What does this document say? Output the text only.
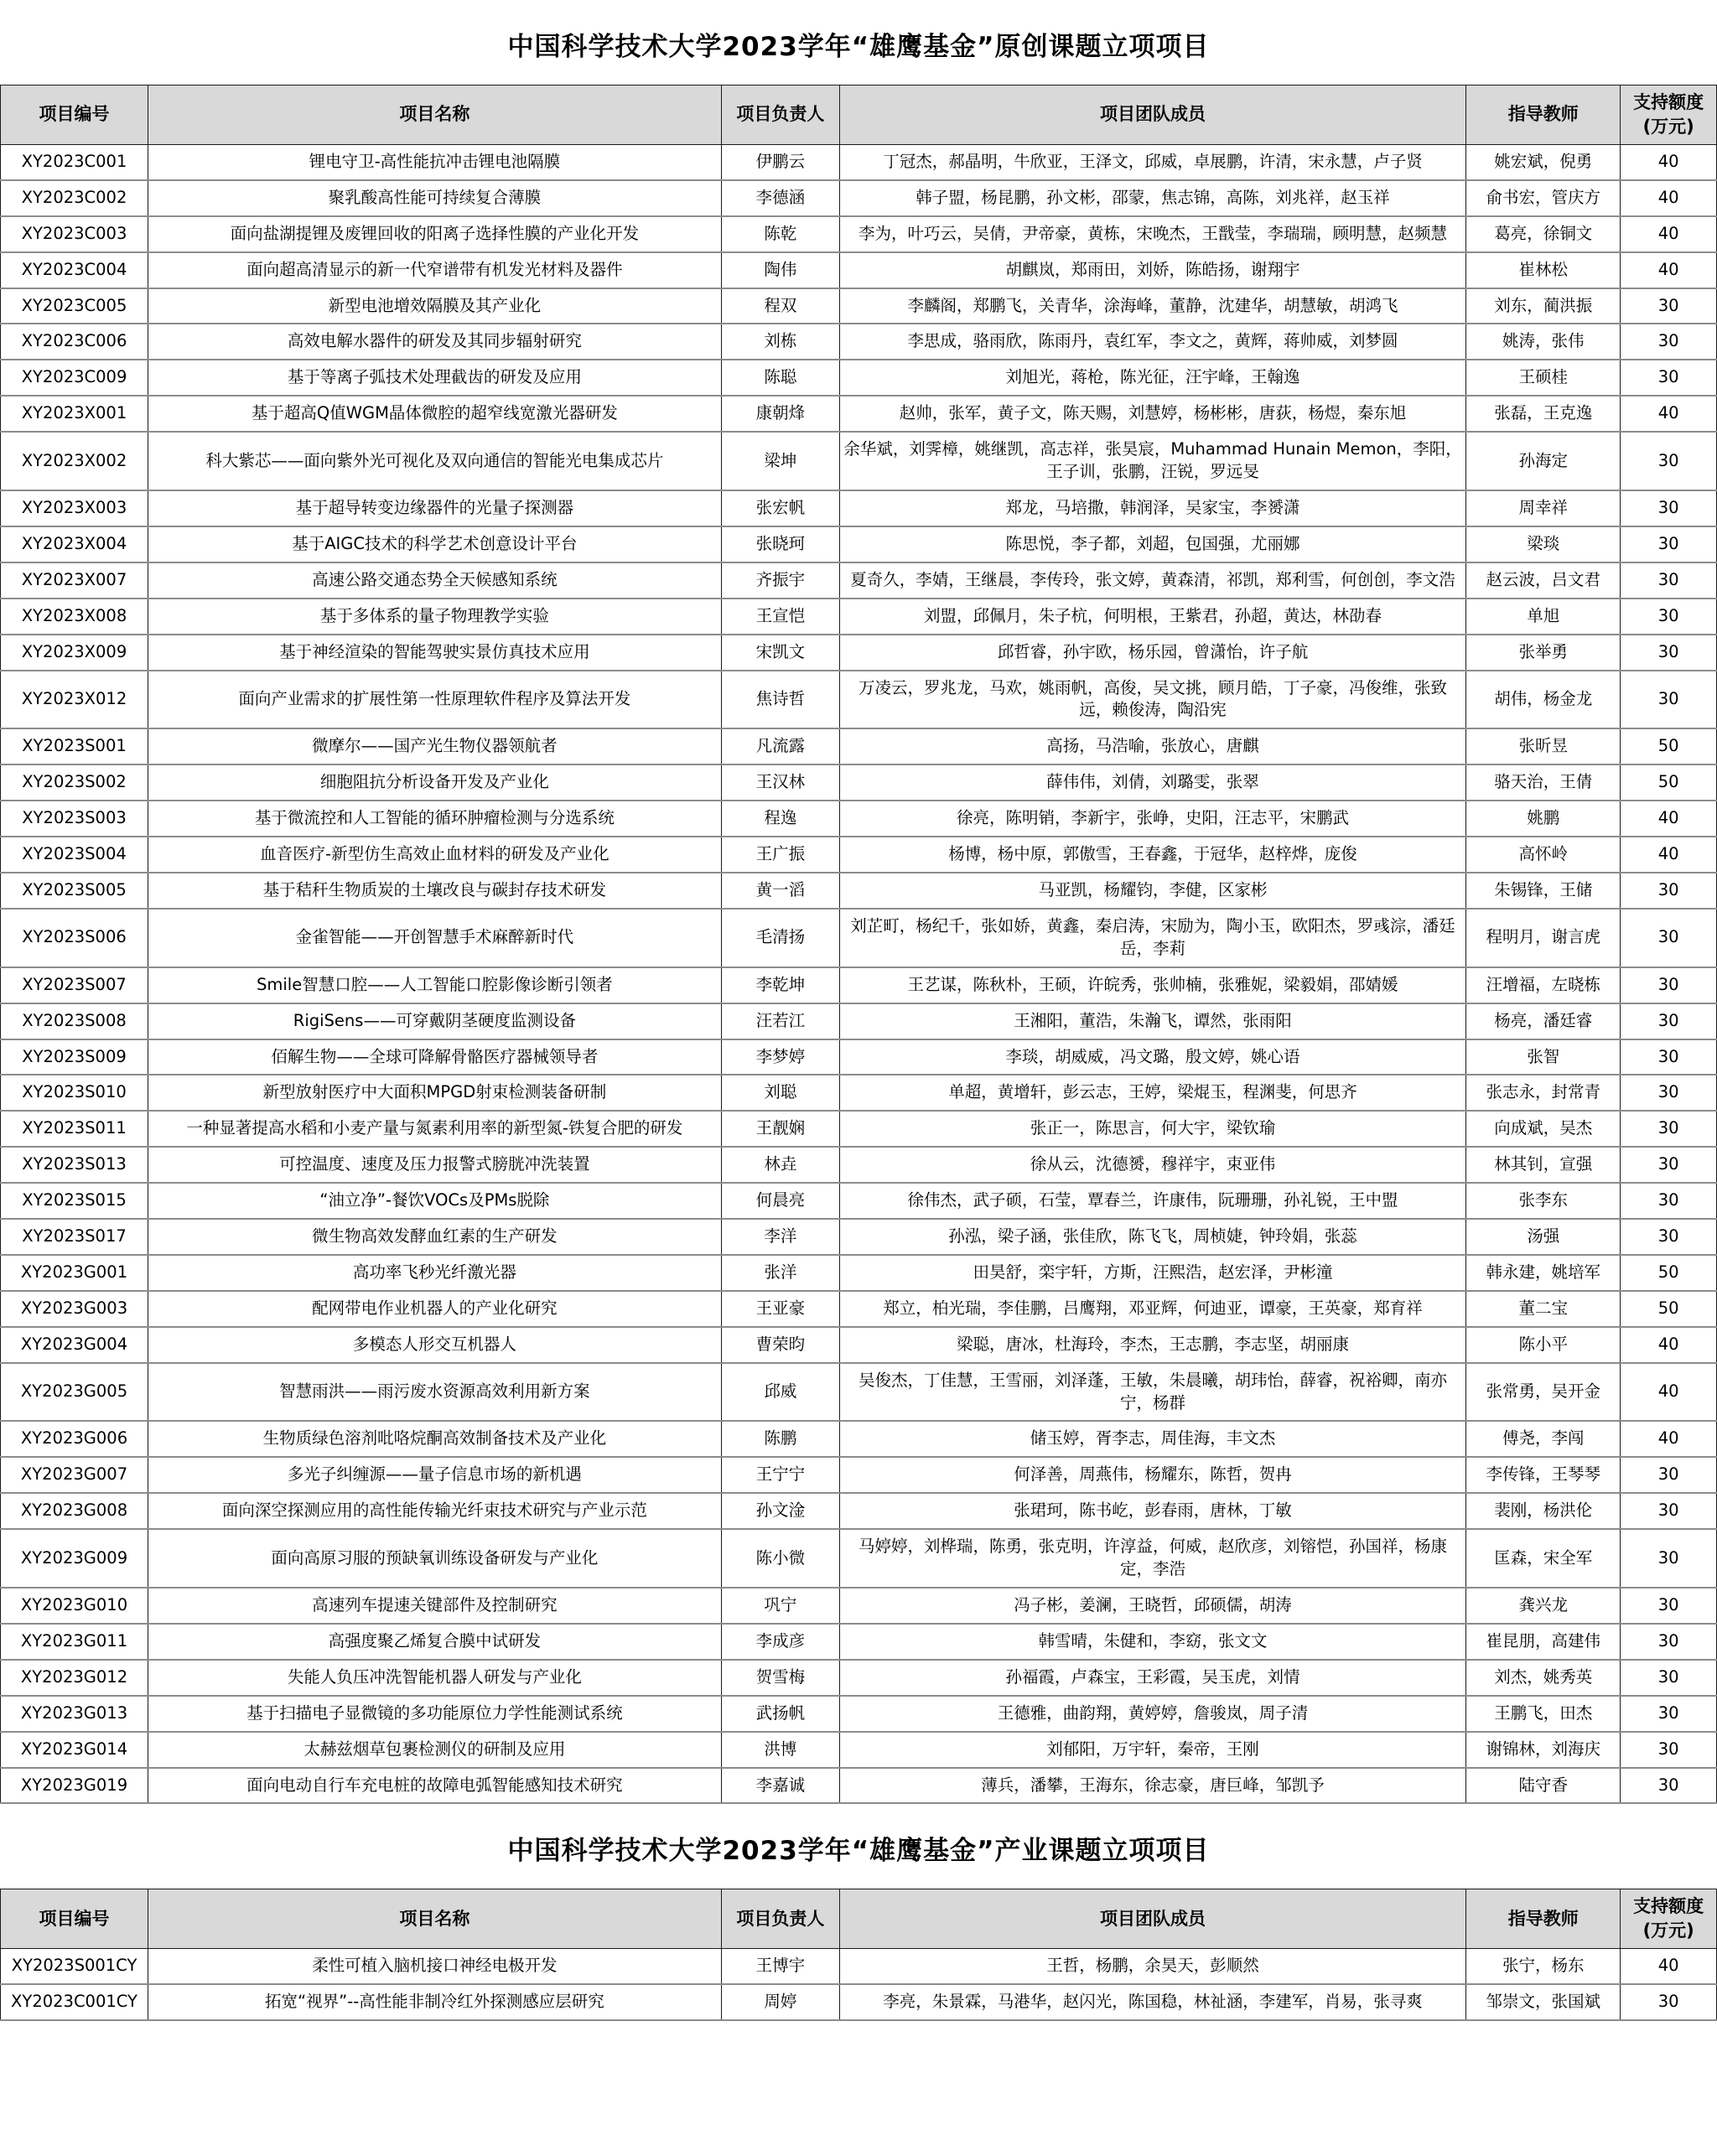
中国科学技术大学2023学年“雄鹰基金”原创课题立项项目
项目编号	项目名称	项目负责人	项目团队成员	指导教师	支持额度(万元)
XY2023C001	锂电守卫-高性能抗冲击锂电池隔膜	伊鹏云	丁冠杰，郝晶明，牛欣亚，王泽文，邱威，卓展鹏，许清，宋永慧，卢子贤	姚宏斌，倪勇	40
XY2023C002	聚乳酸高性能可持续复合薄膜	李德涵	韩子盟，杨昆鹏，孙文彬，邵蒙，焦志锦，高陈，刘兆祥，赵玉祥	俞书宏，管庆方	40
XY2023C003	面向盐湖提锂及废锂回收的阳离子选择性膜的产业化开发	陈乾	李为，叶巧云，吴倩，尹帝豪，黄栋，宋晚杰，王戬莹，李瑞瑞，顾明慧，赵频慧	葛亮，徐铜文	40
XY2023C004	面向超高清显示的新一代窄谱带有机发光材料及器件	陶伟	胡麒岚，郑雨田，刘娇，陈皓扬，谢翔宇	崔林松	40
XY2023C005	新型电池增效隔膜及其产业化	程双	李麟阁，郑鹏飞，关青华，涂海峰，董静，沈建华，胡慧敏，胡鸿飞	刘东，蔺洪振	30
XY2023C006	高效电解水器件的研发及其同步辐射研究	刘栋	李思成，骆雨欣，陈雨丹，袁红军，李文之，黄辉，蒋帅威，刘梦圆	姚涛，张伟	30
XY2023C009	基于等离子弧技术处理截齿的研发及应用	陈聪	刘旭光，蒋枪，陈光征，汪宇峰，王翰逸	王硕桂	30
XY2023X001	基于超高Q值WGM晶体微腔的超窄线宽激光器研发	康朝烽	赵帅，张军，黄子文，陈天赐，刘慧婷，杨彬彬，唐荻，杨煜，秦东旭	张磊，王克逸	40
XY2023X002	科大紫芯——面向紫外光可视化及双向通信的智能光电集成芯片	梁坤	余华斌，刘霁樟，姚继凯，高志祥，张昊宸，Muhammad Hunain Memon，李阳，王子训，张鹏，汪锐，罗远旻	孙海定	30
XY2023X003	基于超导转变边缘器件的光量子探测器	张宏帆	郑龙，马培撒，韩润泽，吴家宝，李赟潇	周幸祥	30
XY2023X004	基于AIGC技术的科学艺术创意设计平台	张晓珂	陈思悦，李子都，刘超，包国强，尤丽娜	梁琰	30
XY2023X007	高速公路交通态势全天候感知系统	齐振宇	夏奇久，李婧，王继晨，李传玲，张文婷，黄森清，祁凯，郑利雪，何创创，李文浩	赵云波，吕文君	30
XY2023X008	基于多体系的量子物理教学实验	王宣恺	刘盟，邱佩月，朱子杭，何明根，王紫君，孙超，黄达，林劭春	单旭	30
XY2023X009	基于神经渲染的智能驾驶实景仿真技术应用	宋凯文	邱哲睿，孙宇欧，杨乐园，曾潇怡，许子航	张举勇	30
XY2023X012	面向产业需求的扩展性第一性原理软件程序及算法开发	焦诗哲	万凌云，罗兆龙，马欢，姚雨帆，高俊，吴文挑，顾月皓，丁子豪，冯俊维，张致远，赖俊涛，陶沿宪	胡伟，杨金龙	30
XY2023S001	微摩尔——国产光生物仪器领航者	凡流露	高扬，马浩喻，张放心，唐麒	张昕昱	50
XY2023S002	细胞阻抗分析设备开发及产业化	王汉林	薛伟伟，刘倩，刘璐雯，张翠	骆天治，王倩	50
XY2023S003	基于微流控和人工智能的循环肿瘤检测与分选系统	程逸	徐亮，陈明销，李新宇，张峥，史阳，汪志平，宋鹏武	姚鹏	40
XY2023S004	血音医疗-新型仿生高效止血材料的研发及产业化	王广振	杨博，杨中原，郭傲雪，王春鑫，于冠华，赵梓烨，庞俊	高怀岭	40
XY2023S005	基于秸秆生物质炭的土壤改良与碳封存技术研发	黄一滔	马亚凯，杨耀钧，李健，区家彬	朱锡锋，王储	30
XY2023S006	金雀智能——开创智慧手术麻醉新时代	毛清扬	刘芷町，杨纪千，张如娇，黄鑫，秦启涛，宋励为，陶小玉，欧阳杰，罗彧淙，潘廷岳，李莉	程明月，谢言虎	30
XY2023S007	Smile智慧口腔——人工智能口腔影像诊断引领者	李乾坤	王艺谋，陈秋朴，王硕，许皖秀，张帅楠，张雅妮，梁毅娟，邵婧媛	汪增福，左晓栋	30
XY2023S008	RigiSens——可穿戴阴茎硬度监测设备	汪若江	王湘阳，董浩，朱瀚飞，谭然，张雨阳	杨亮，潘廷睿	30
XY2023S009	佰解生物——全球可降解骨骼医疗器械领导者	李梦婷	李琰，胡威威，冯文璐，殷文婷，姚心语	张智	30
XY2023S010	新型放射医疗中大面积MPGD射束检测装备研制	刘聪	单超，黄增轩，彭云志，王婷，梁焜玉，程渊斐，何思齐	张志永，封常青	30
XY2023S011	一种显著提高水稻和小麦产量与氮素利用率的新型氮-铁复合肥的研发	王靓娴	张正一，陈思言，何大宇，梁钦瑜	向成斌，吴杰	30
XY2023S013	可控温度、速度及压力报警式膀胱冲洗装置	林垚	徐从云，沈德赟，穆祥宇，束亚伟	林其钊，宣强	30
XY2023S015	“油立净”-餐饮VOCs及PMs脱除	何晨亮	徐伟杰，武子硕，石莹，覃春兰，许康伟，阮珊珊，孙礼锐，王中盟	张李东	30
XY2023S017	微生物高效发酵血红素的生产研发	李洋	孙泓，梁子涵，张佳欣，陈飞飞，周桢婕，钟玲娟，张蕊	汤强	30
XY2023G001	高功率飞秒光纤激光器	张洋	田昊舒，栾宇轩，方斯，汪熙浩，赵宏泽，尹彬潼	韩永建，姚培军	50
XY2023G003	配网带电作业机器人的产业化研究	王亚豪	郑立，柏光瑞，李佳鹏，吕鹰翔，邓亚辉，何迪亚，谭豪，王英豪，郑育祥	董二宝	50
XY2023G004	多模态人形交互机器人	曹荣昀	梁聪，唐冰，杜海玲，李杰，王志鹏，李志坚，胡丽康	陈小平	40
XY2023G005	智慧雨洪——雨污废水资源高效利用新方案	邱威	吴俊杰，丁佳慧，王雪丽，刘泽蓬，王敏，朱晨曦，胡玮怡，薛睿，祝裕卿，南亦宁，杨群	张常勇，吴开金	40
XY2023G006	生物质绿色溶剂吡咯烷酮高效制备技术及产业化	陈鹏	储玉婷，胥李志，周佳海，丰文杰	傅尧，李闯	40
XY2023G007	多光子纠缠源——量子信息市场的新机遇	王宁宁	何泽善，周燕伟，杨耀东，陈哲，贺冉	李传锋，王琴琴	30
XY2023G008	面向深空探测应用的高性能传输光纤束技术研究与产业示范	孙文淦	张珺珂，陈书屹，彭春雨，唐林，丁敏	裴刚，杨洪伦	30
XY2023G009	面向高原习服的预缺氧训练设备研发与产业化	陈小微	马婷婷，刘桦瑞，陈勇，张克明，许淳益，何威，赵欣彦，刘镕恺，孙国祥，杨康定，李浩	匡森，宋全军	30
XY2023G010	高速列车提速关键部件及控制研究	巩宁	冯子彬，姜澜，王晓哲，邱硕儒，胡涛	龚兴龙	30
XY2023G011	高强度聚乙烯复合膜中试研发	李成彦	韩雪晴，朱健和，李窈，张文文	崔昆朋，高建伟	30
XY2023G012	失能人负压冲洗智能机器人研发与产业化	贺雪梅	孙福霞，卢森宝，王彩霞，吴玉虎，刘情	刘杰，姚秀英	30
XY2023G013	基于扫描电子显微镜的多功能原位力学性能测试系统	武扬帆	王德雅，曲韵翔，黄婷婷，詹骏岚，周子清	王鹏飞，田杰	30
XY2023G014	太赫兹烟草包裹检测仪的研制及应用	洪博	刘郁阳，万宇轩，秦帝，王刚	谢锦林，刘海庆	30
XY2023G019	面向电动自行车充电桩的故障电弧智能感知技术研究	李嘉诚	薄兵，潘攀，王海东，徐志豪，唐巨峰，邹凯予	陆守香	30
中国科学技术大学2023学年“雄鹰基金”产业课题立项项目
项目编号	项目名称	项目负责人	项目团队成员	指导教师	支持额度(万元)
XY2023S001CY	柔性可植入脑机接口神经电极开发	王博宇	王哲，杨鹏，余昊天，彭顺然	张宁，杨东	40
XY2023C001CY	拓宽“视界”--高性能非制冷红外探测感应层研究	周婷	李亮，朱景霖，马港华，赵闪光，陈国稳，林祉涵，李建军，肖易，张寻爽	邹崇文，张国斌	30
